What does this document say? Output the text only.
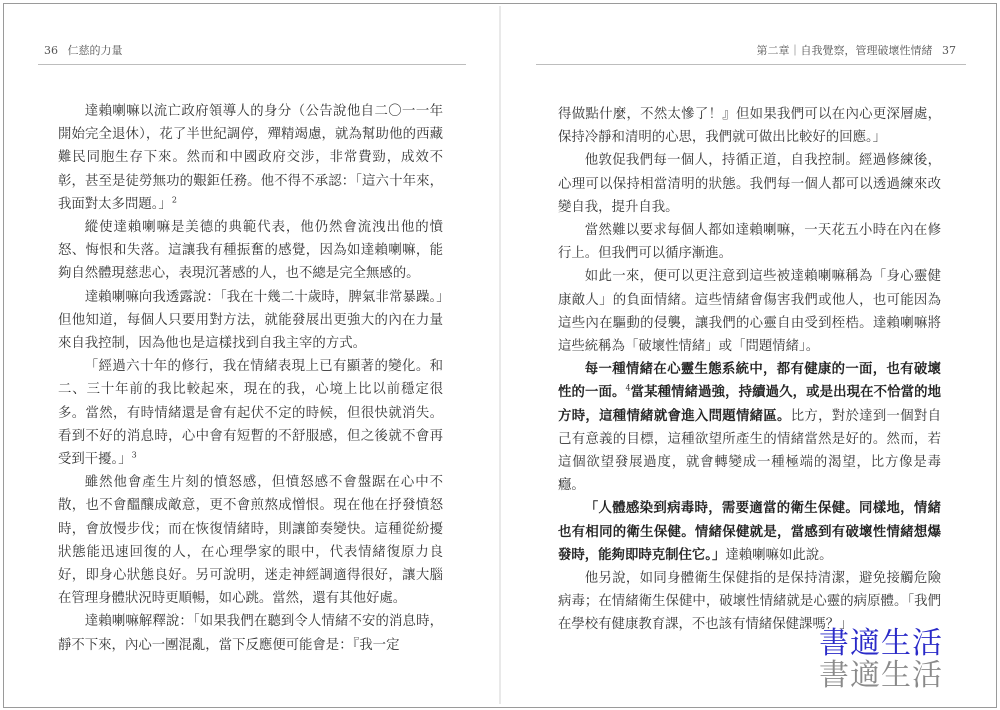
36 仁慈的力量

達賴喇嘛以流亡政府領導人的身分（公告說他自二〇一一年開始完全退休），花了半世紀調停，殫精竭慮，就為幫助他的西藏難民同胞生存下來。然而和中國政府交涉，非常費勁，成效不彰，甚至是徒勞無功的艱鉅任務。他不得不承認：「這六十年來，我面對太多問題。」$^2$

縱使達賴喇嘛是美德的典範代表，他仍然會流洩出他的憤怒、悔恨和失落。這讓我有種振奮的感覺，因為如達賴喇嘛，能夠自然體現慈悲心，表現沉著感的人，也不總是完全無感的。

達賴喇嘛向我透露說：「我在十幾二十歲時，脾氣非常暴躁。」但他知道，每個人只要用對方法，就能發展出更強大的內在力量來自我控制，因為他也是這樣找到自我主宰的方式。

「經過六十年的修行，我在情緒表現上已有顯著的變化。和二、三十年前的我比較起來，現在的我，心境上比以前穩定很多。當然，有時情緒還是會有起伏不定的時候，但很快就消失。看到不好的消息時，心中會有短暫的不舒服感，但之後就不會再受到干擾。」$^3$

雖然他會產生片刻的憤怒感，但憤怒感不會盤踞在心中不散，也不會醞釀成敵意，更不會煎熬成憎恨。現在他在抒發憤怒時，會放慢步伐；而在恢復情緒時，則讓節奏變快。這種從紛擾狀態能迅速回復的人，在心理學家的眼中，代表情緒復原力良好，即身心狀態良好。另可說明，迷走神經調適得很好，讓大腦在管理身體狀況時更順暢，如心跳。當然，還有其他好處。

達賴喇嘛解釋說：「如果我們在聽到令人情緒不安的消息時，靜不下來，內心一團混亂，當下反應便可能會是：『我一定

第二章｜自我覺察，管理破壞性情緒 37

得做點什麼，不然太慘了！』但如果我們可以在內心更深層處，保持冷靜和清明的心思，我們就可做出比較好的回應。」

他敦促我們每一個人，持循正道，自我控制。經過修練後，心理可以保持相當清明的狀態。我們每一個人都可以透過練來改變自我，提升自我。

當然難以要求每個人都如達賴喇嘛，一天花五小時在內在修行上。但我們可以循序漸進。

如此一來，便可以更注意到這些被達賴喇嘛稱為「身心靈健康敵人」的負面情緒。這些情緒會傷害我們或他人，也可能因為這些內在驅動的侵襲，讓我們的心靈自由受到桎梏。達賴喇嘛將這些統稱為「破壞性情緒」或「問題情緒」。

每一種情緒在心靈生態系統中，都有健康的一面，也有破壞性的一面。$^4$當某種情緒過強，持續過久，或是出現在不恰當的地方時，這種情緒就會進入問題情緒區。比方，對於達到一個對自己有意義的目標，這種欲望所產生的情緒當然是好的。然而，若這個欲望發展過度，就會轉變成一種極端的渴望，比方像是毒癮。

「人體感染到病毒時，需要適當的衛生保健。同樣地，情緒也有相同的衛生保健。情緒保健就是，當感到有破壞性情緒想爆發時，能夠即時克制住它。」達賴喇嘛如此說。

他另說，如同身體衛生保健指的是保持清潔，避免接觸危險病毒；在情緒衛生保健中，破壞性情緒就是心靈的病原體。「我們在學校有健康教育課，不也該有情緒保健課嗎？」

書適生活
書適生活
